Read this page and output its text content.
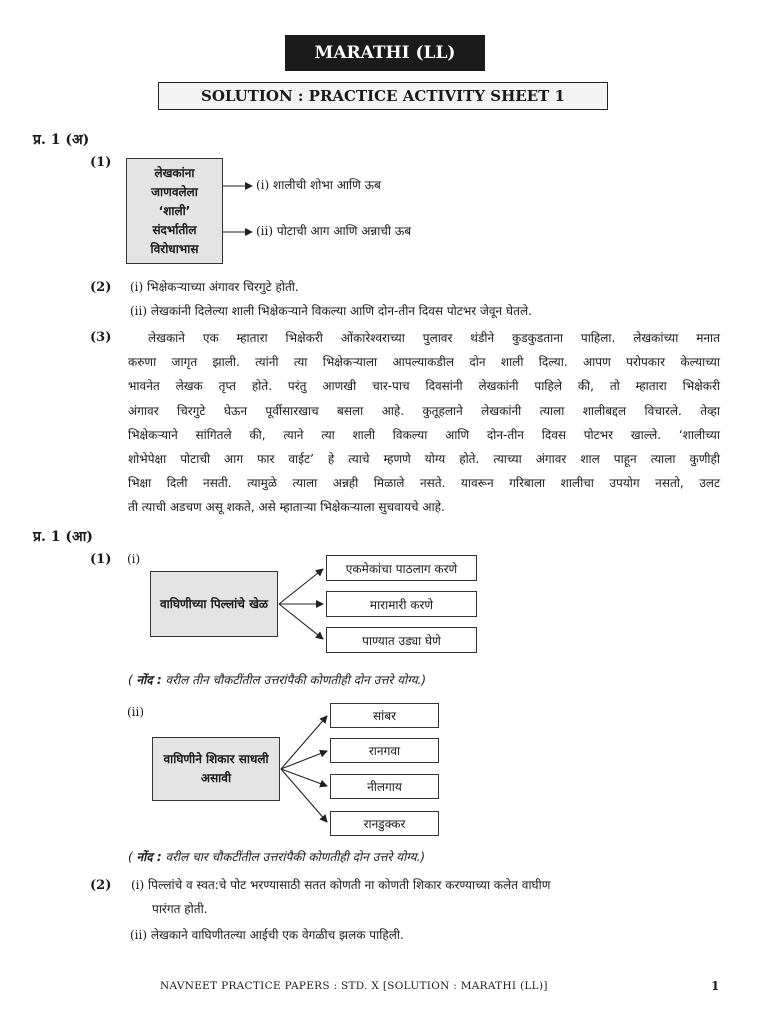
MARATHI (LL)
SOLUTION : PRACTICE ACTIVITY SHEET 1
प्र. 1 (अ)
(1)
लेखकांना
जाणवलेला
‘शाली’
संदर्भातील
विरोधाभास
(i) शालीची शोभा आणि ऊब
(ii) पोटाची आग आणि अन्नाची ऊब
(2) (i) भिक्षेकऱ्याच्या अंगावर चिरगुटे होती.
(ii) लेखकांनी दिलेल्या शाली भिक्षेकऱ्याने विकल्या आणि दोन-तीन दिवस पोटभर जेवून घेतले.
(3)	लेखकाने एक म्हातारा भिक्षेकरी ओंकारेश्वराच्या पुलावर थंडीने कुडकुडताना पाहिला. लेखकांच्या मनात
करुणा जागृत झाली. त्यांनी त्या भिक्षेकऱ्याला आपल्याकडील दोन शाली दिल्या. आपण परोपकार केल्याच्या
भावनेत लेखक तृप्त होते. परंतु आणखी चार-पाच दिवसांनी लेखकांनी पाहिले की, तो म्हातारा भिक्षेकरी
अंगावर चिरगुटे घेऊन पूर्वीसारखाच बसला आहे. कुतूहलाने लेखकांनी त्याला शालीबद्दल विचारले. तेव्हा
भिक्षेकऱ्याने सांगितले की, त्याने त्या शाली विकल्या आणि दोन-तीन दिवस पोटभर खाल्ले. ‘शालीच्या
शोभेपेक्षा पोटाची आग फार वाईट’ हे त्याचे म्हणणे योग्य होते. त्याच्या अंगावर शाल पाहून त्याला कुणीही
भिक्षा दिली नसती. त्यामुळे त्याला अन्नही मिळाले नसते. यावरून गरिबाला शालीचा उपयोग नसतो, उलट
ती त्याची अडचण असू शकते, असे म्हाताऱ्या भिक्षेकऱ्याला सुचवायचे आहे.
प्र. 1 (आ)
(1) (i)
वाघिणीच्या पिल्लांचे खेळ
एकमेकांचा पाठलाग करणे
मारामारी करणे
पाण्यात उड्या घेणे
( नोंद : वरील तीन चौकटींतील उत्तरांपैकी कोणतीही दोन उत्तरे योग्य.)
(ii)
वाघिणीने शिकार साधली असावी
सांबर
रानगवा
नीलगाय
रानडुक्कर
( नोंद : वरील चार चौकटींतील उत्तरांपैकी कोणतीही दोन उत्तरे योग्य.)
(2) (i) पिल्लांचे व स्वत:चे पोट भरण्यासाठी सतत कोणती ना कोणती शिकार करण्याच्या कलेत वाघीण
पारंगत होती.
(ii) लेखकाने वाघिणीतल्या आईची एक वेगळीच झलक पाहिली.
NAVNEET PRACTICE PAPERS : STD. X [SOLUTION : MARATHI (LL)]	1
